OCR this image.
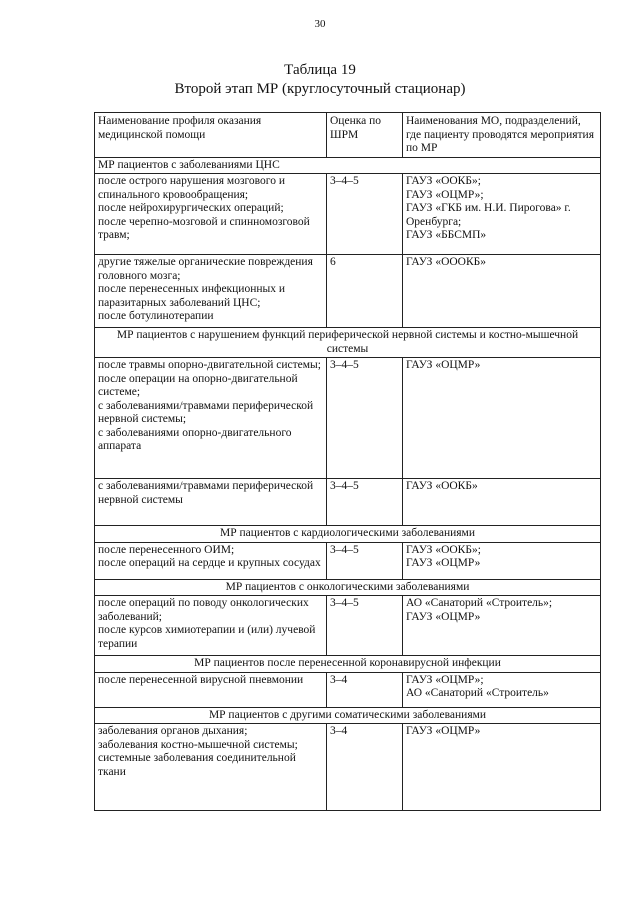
30
Таблица 19
Второй этап МР (круглосуточный стационар)
Наименование профиля оказания медицинской помощи	Оценка по ШРМ	Наименования МО, подразделений, где пациенту проводятся мероприятия по МР
МР пациентов с заболеваниями ЦНС		

после острого нарушения мозгового и спинального кровообращения;
после нейрохирургических операций;
после черепно-мозговой и спинномозговой травм;	3–4–5	ГАУЗ «ООКБ»;
ГАУЗ «ОЦМР»;
ГАУЗ «ГКБ им. Н.И. Пирогова» г. Оренбурга;
ГАУЗ «ББСМП»

другие тяжелые органические повреждения головного мозга;
после перенесенных инфекционных и паразитарных заболеваний ЦНС;
после ботулинотерапии	6	ГАУЗ «ОООКБ»

МР пациентов с нарушением функций периферической нервной системы и костно-мышечной системы		

после травмы опорно-двигательной системы;
после операции на опорно-двигательной системе;
с заболеваниями/травмами периферической нервной системы;
с заболеваниями опорно-двигательного аппарата	3–4–5	ГАУЗ «ОЦМР»

с заболеваниями/травмами периферической нервной системы	3–4–5	ГАУЗ «ООКБ»

МР пациентов с кардиологическими заболеваниями		

после перенесенного ОИМ;
после операций на сердце и крупных сосудах	3–4–5	ГАУЗ «ООКБ»;
ГАУЗ «ОЦМР»

МР пациентов с онкологическими заболеваниями		

после операций по поводу онкологических заболеваний;
после курсов химиотерапии и (или) лучевой терапии	3–4–5	АО «Санаторий «Строитель»;
ГАУЗ «ОЦМР»

МР пациентов после перенесенной коронавирусной инфекции		

после перенесенной вирусной пневмонии	3–4	ГАУЗ «ОЦМР»;
АО «Санаторий «Строитель»

МР пациентов с другими соматическими заболеваниями		

заболевания органов дыхания;
заболевания костно-мышечной системы;
системные заболевания соединительной ткани	3–4	ГАУЗ «ОЦМР»
